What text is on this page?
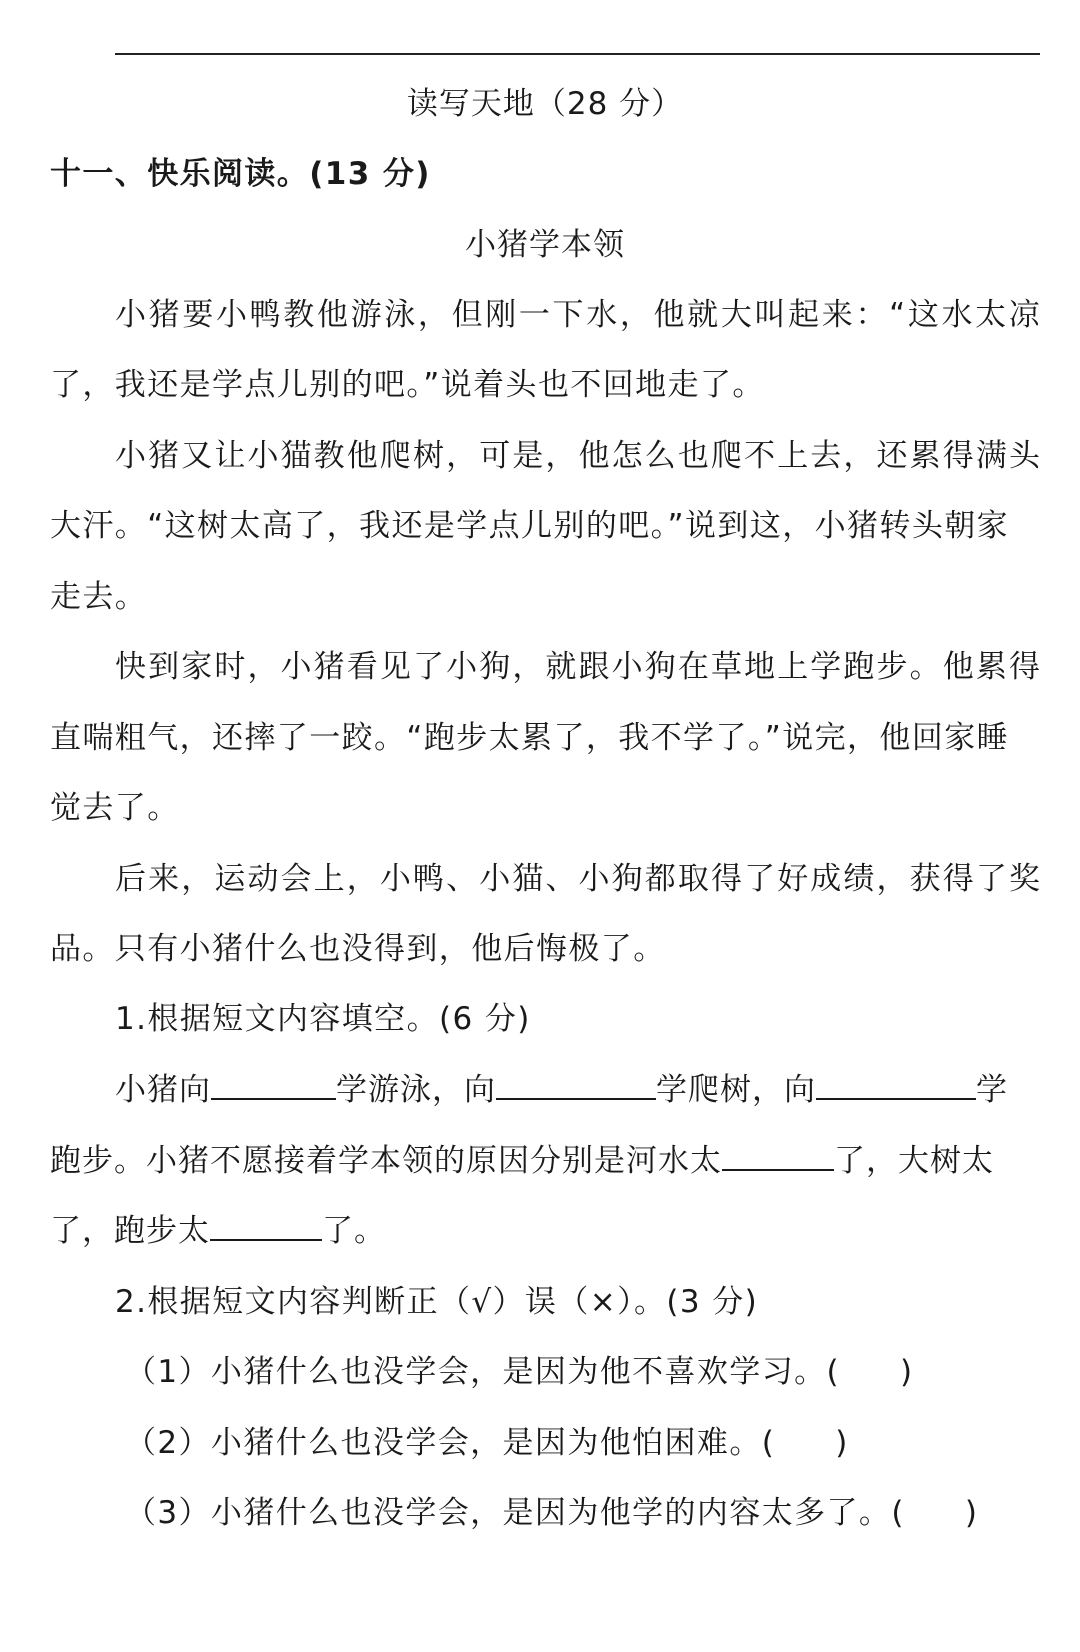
读写天地（28 分）
十一、快乐阅读。(13 分)
小猪学本领
小 猪 要 小 鸭 教 他 游 泳 ， 但 刚 一 下 水 ， 他 就 大 叫 起 来 ： “ 这 水 太 凉
了，我还是学点儿别的吧。”说着头也不回地走了。
小 猪 又 让 小 猫 教 他 爬 树 ， 可 是 ， 他 怎 么 也 爬 不 上 去 ， 还 累 得 满 头
大汗。“这树太高了，我还是学点儿别的吧。”说到这，小猪转头朝家
走去。
快 到 家 时 ， 小 猪 看 见 了 小 狗 ， 就 跟 小 狗 在 草 地 上 学 跑 步 。 他 累 得
直喘粗气，还摔了一跤。“跑步太累了，我不学了。”说完，他回家睡
觉去了。
后 来 ， 运 动 会 上 ， 小 鸭 、 小 猫 、 小 狗 都 取 得 了 好 成 绩 ， 获 得 了 奖
品。只有小猪什么也没得到，他后悔极了。
1.根据短文内容填空。(6 分)
小猪向	学游泳，向	学爬树，向	学
跑步。小猪不愿接着学本领的原因分别是河水太	了，大树太
了，跑步太	了。
2.根据短文内容判断正（√）误（×）。(3 分)
（1）小猪什么也没学会，是因为他不喜欢学习。( )
（2）小猪什么也没学会，是因为他怕困难。( )
（3）小猪什么也没学会，是因为他学的内容太多了。( )
